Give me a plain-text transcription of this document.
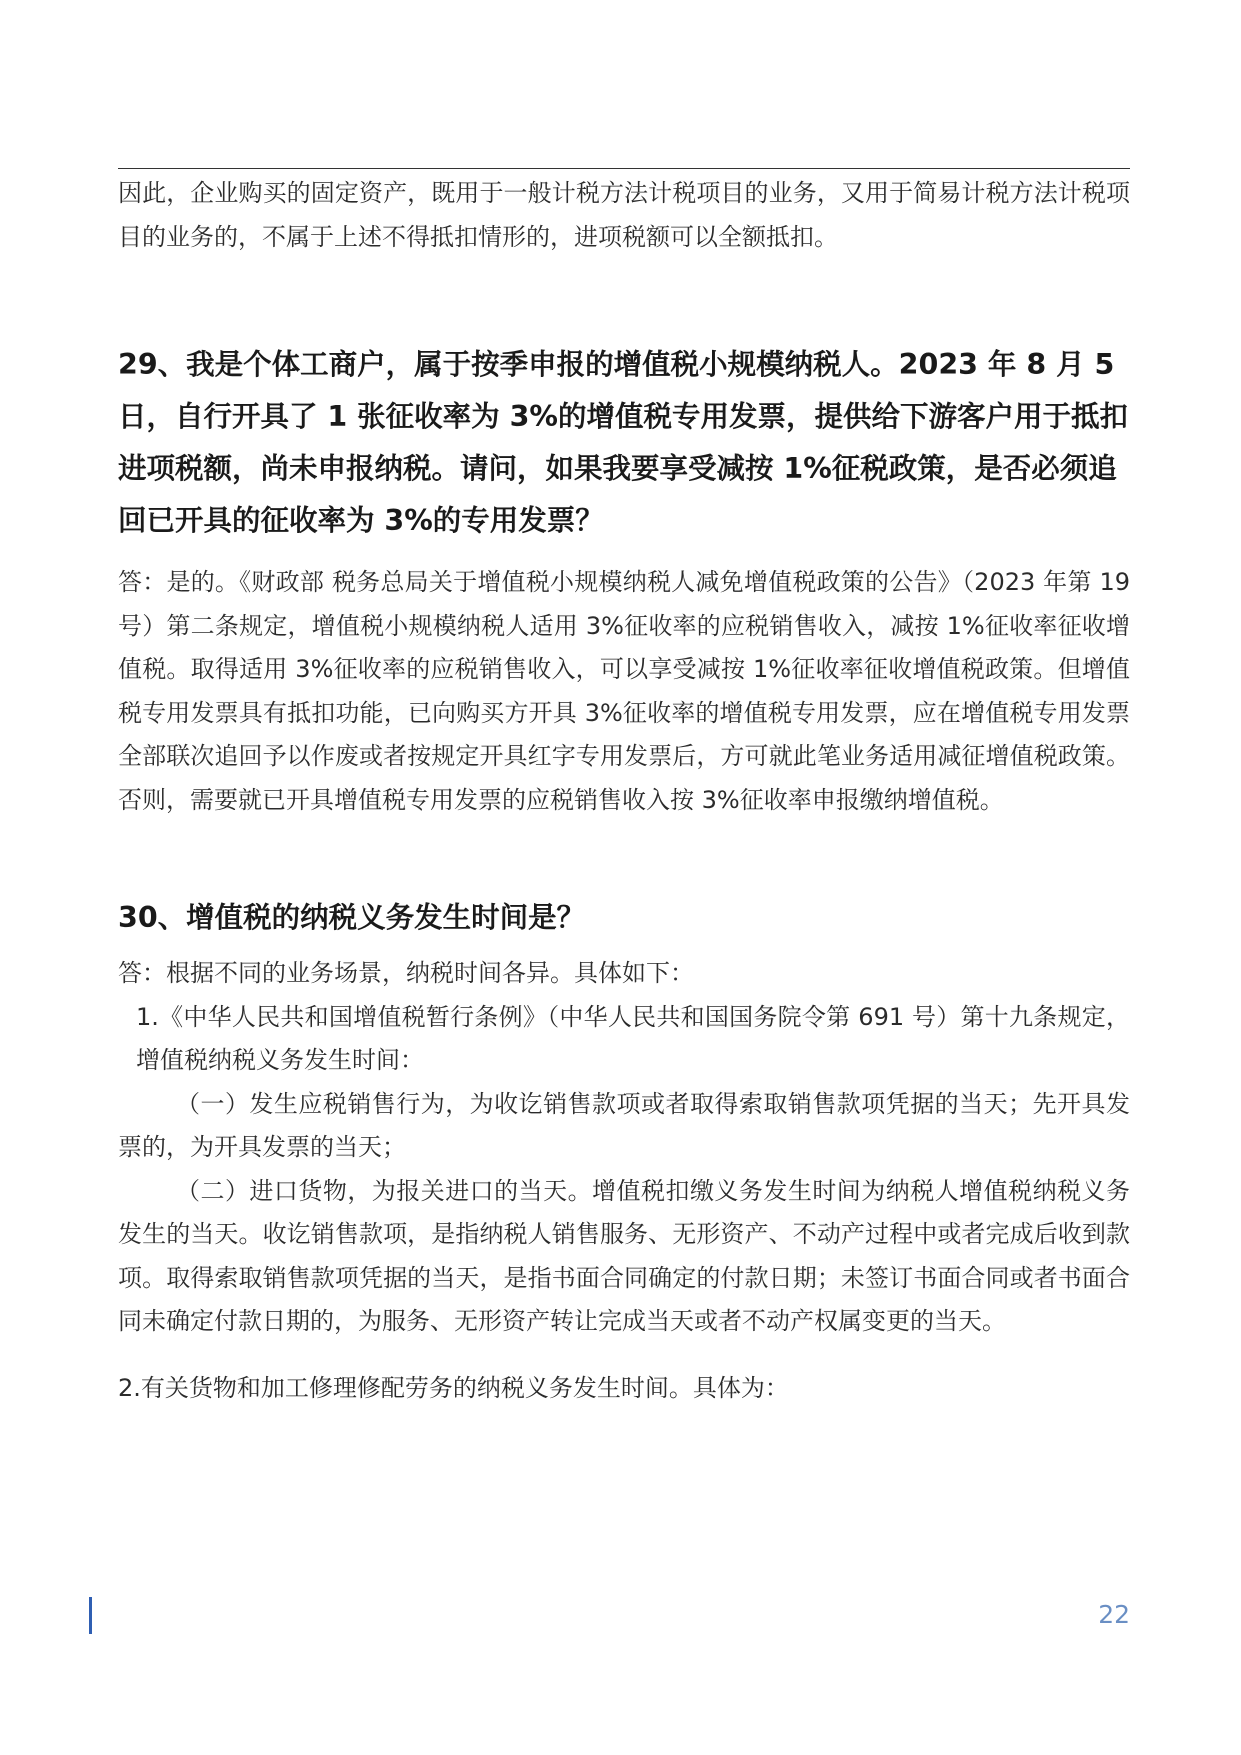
因此，企业购买的固定资产，既用于一般计税方法计税项目的业务，又用于简易计税方法计税项目的业务的，不属于上述不得抵扣情形的，进项税额可以全额抵扣。

29、我是个体工商户，属于按季申报的增值税小规模纳税人。2023 年 8 月 5 日，自行开具了 1 张征收率为 3%的增值税专用发票，提供给下游客户用于抵扣进项税额，尚未申报纳税。请问，如果我要享受减按 1%征税政策，是否必须追回已开具的征收率为 3%的专用发票？

答：是的。《财政部 税务总局关于增值税小规模纳税人减免增值税政策的公告》（2023 年第 19 号）第二条规定，增值税小规模纳税人适用 3%征收率的应税销售收入，减按 1%征收率征收增值税。取得适用 3%征收率的应税销售收入，可以享受减按 1%征收率征收增值税政策。但增值税专用发票具有抵扣功能，已向购买方开具 3%征收率的增值税专用发票，应在增值税专用发票全部联次追回予以作废或者按规定开具红字专用发票后，方可就此笔业务适用减征增值税政策。否则，需要就已开具增值税专用发票的应税销售收入按 3%征收率申报缴纳增值税。

30、增值税的纳税义务发生时间是？

答：根据不同的业务场景，纳税时间各异。具体如下：

1.《中华人民共和国增值税暂行条例》（中华人民共和国国务院令第 691 号）第十九条规定，增值税纳税义务发生时间：

（一）发生应税销售行为，为收讫销售款项或者取得索取销售款项凭据的当天；先开具发票的，为开具发票的当天；

（二）进口货物，为报关进口的当天。增值税扣缴义务发生时间为纳税人增值税纳税义务发生的当天。收讫销售款项，是指纳税人销售服务、无形资产、不动产过程中或者完成后收到款项。取得索取销售款项凭据的当天，是指书面合同确定的付款日期；未签订书面合同或者书面合同未确定付款日期的，为服务、无形资产转让完成当天或者不动产权属变更的当天。

2.有关货物和加工修理修配劳务的纳税义务发生时间。具体为：

22
